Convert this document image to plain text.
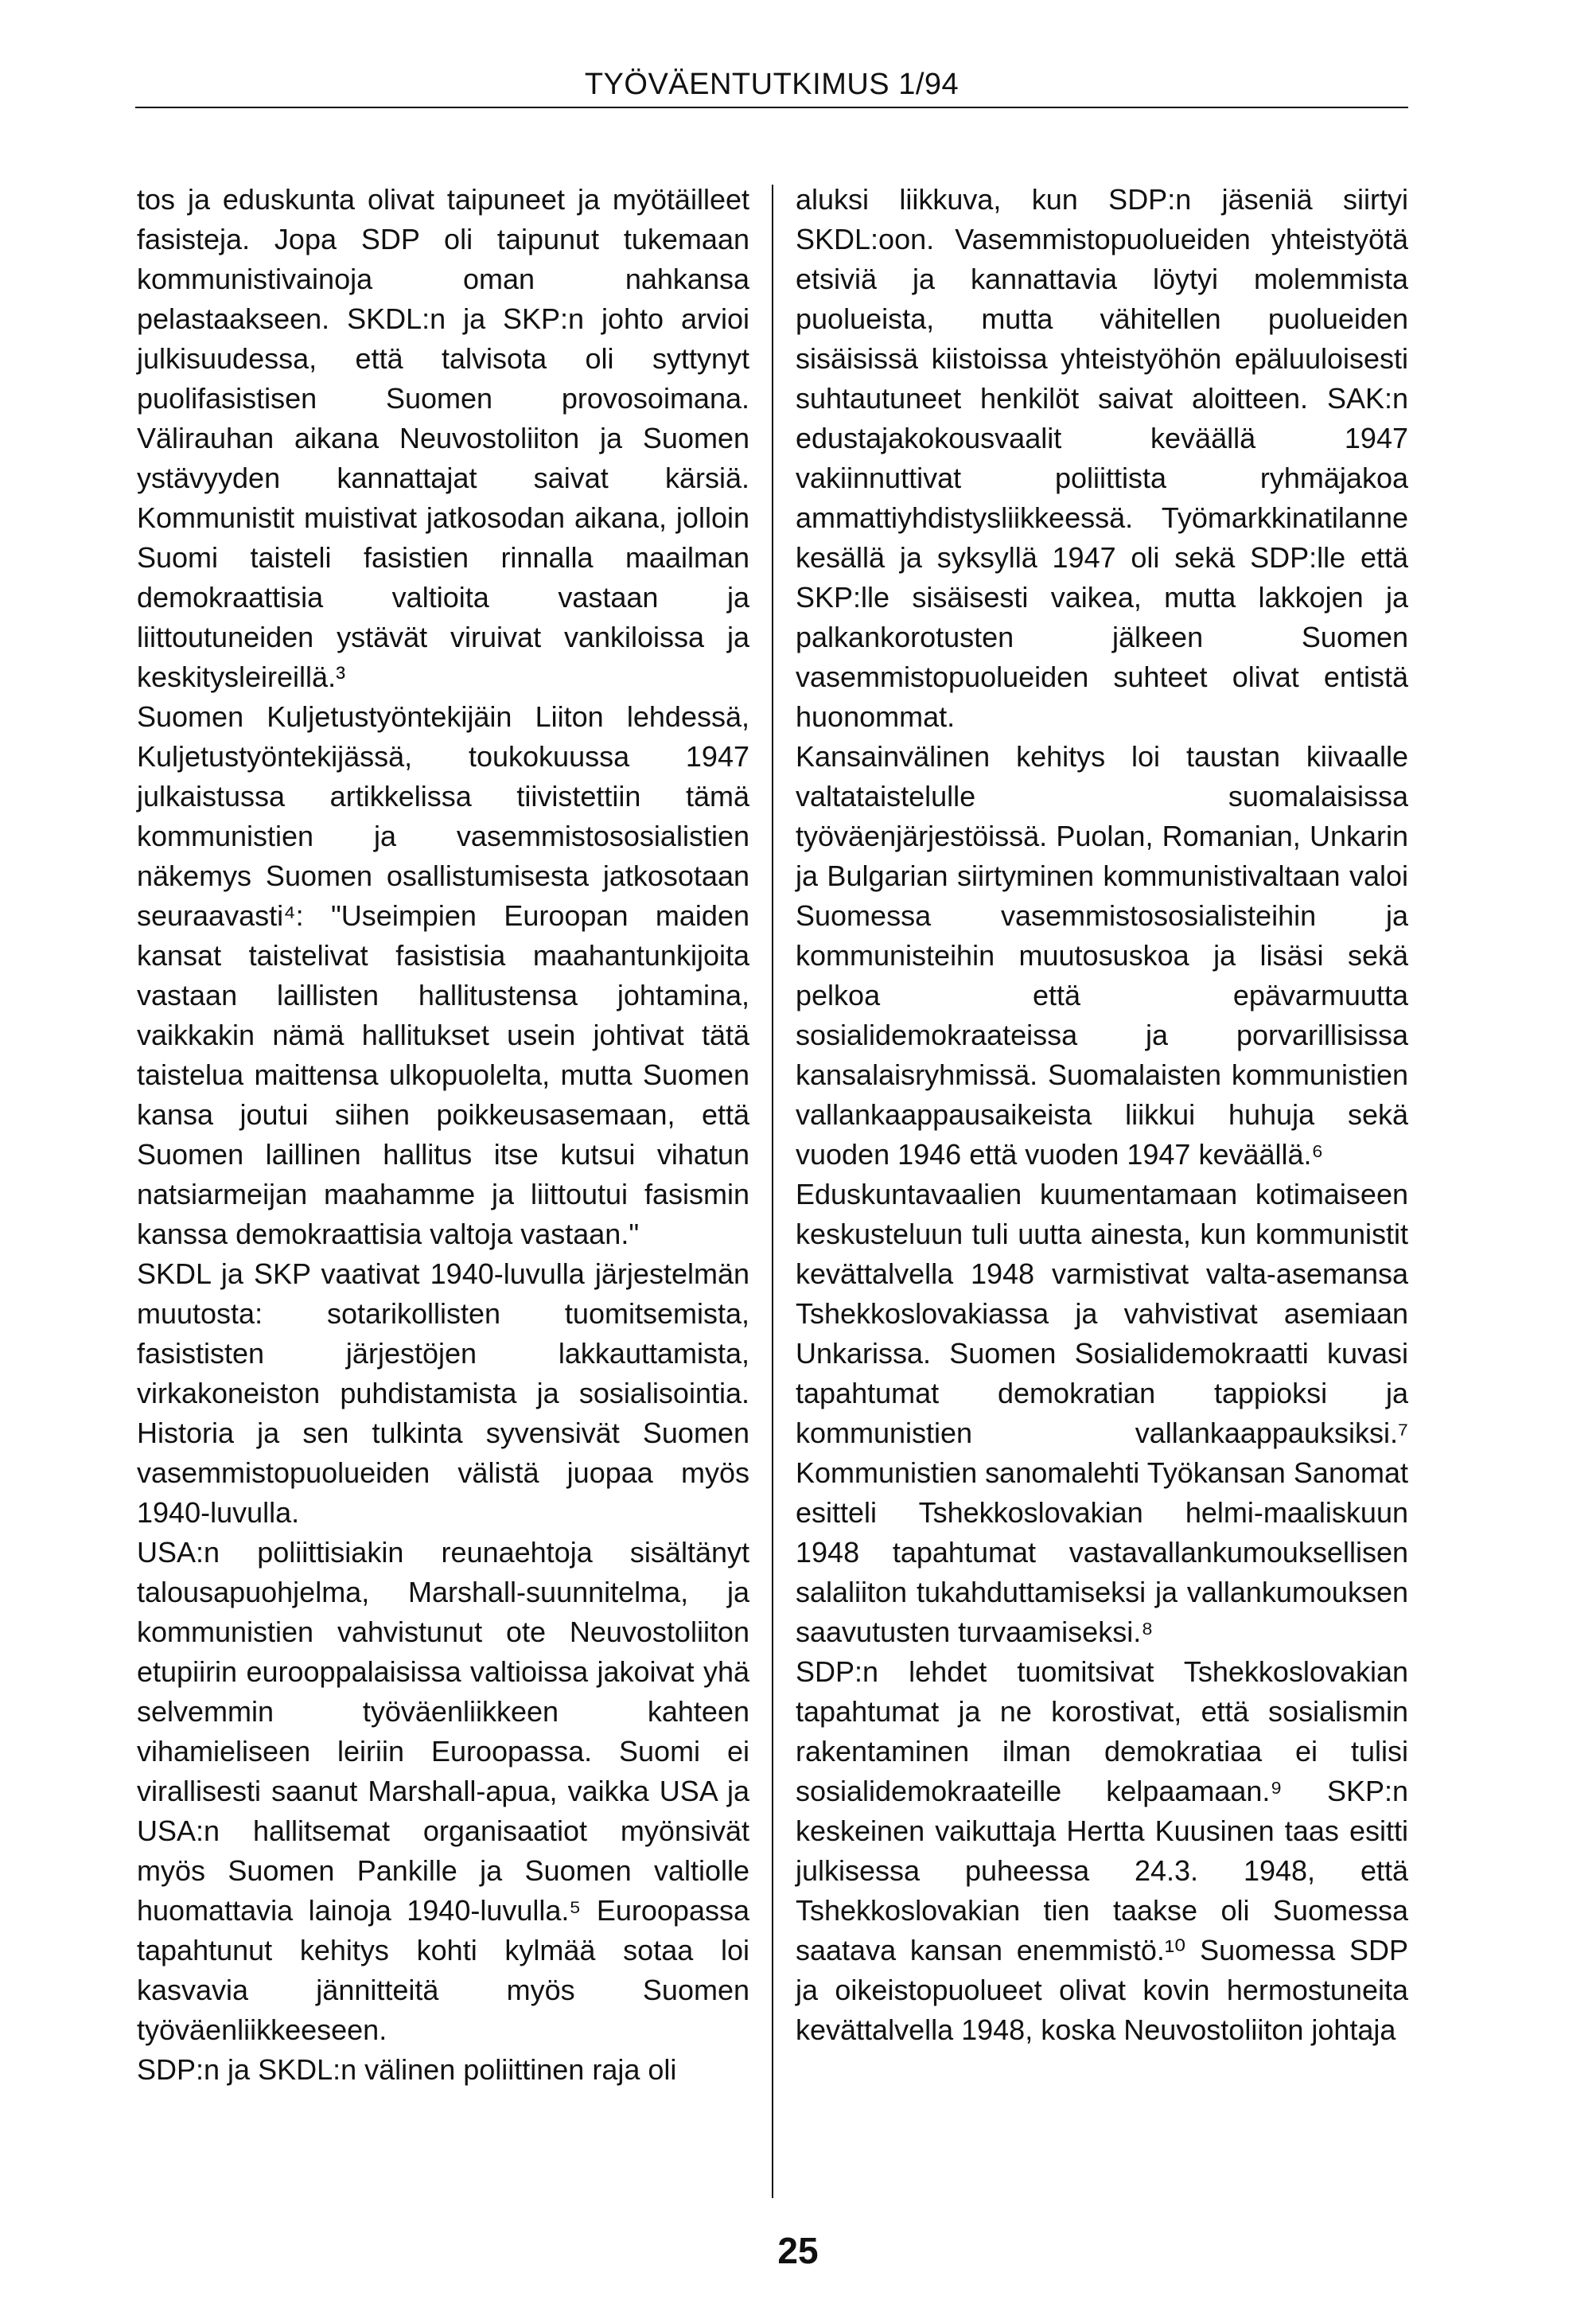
TYÖVÄENTUTKIMUS 1/94

tos ja eduskunta olivat taipuneet ja myötäilleet fasisteja. Jopa SDP oli taipunut tukemaan kommunistivainoja oman nahkansa pelastaakseen. SKDL:n ja SKP:n johto arvioi julkisuudessa, että talvisota oli syttynyt puolifasistisen Suomen provosoimana. Välirauhan aikana Neuvostoliiton ja Suomen ystävyyden kannattajat saivat kärsiä. Kommunistit muistivat jatkosodan aikana, jolloin Suomi taisteli fasistien rinnalla maailman demokraattisia valtioita vastaan ja liittoutuneiden ystävät viruivat vankiloissa ja keskitysleireillä.³

Suomen Kuljetustyöntekijäin Liiton lehdessä, Kuljetustyöntekijässä, toukokuussa 1947 julkaistussa artikkelissa tiivistettiin tämä kommunistien ja vasemmistososialistien näkemys Suomen osallistumisesta jatkosotaan seuraavasti⁴: "Useimpien Euroopan maiden kansat taistelivat fasistisia maahantunkijoita vastaan laillisten hallitustensa johtamina, vaikkakin nämä hallitukset usein johtivat tätä taistelua maittensa ulkopuolelta, mutta Suomen kansa joutui siihen poikkeusasemaan, että Suomen laillinen hallitus itse kutsui vihatun natsiarmeijan maahamme ja liittoutui fasismin kanssa demokraattisia valtoja vastaan."

SKDL ja SKP vaativat 1940-luvulla järjestelmän muutosta: sotarikollisten tuomitsemista, fasististen järjestöjen lakkauttamista, virkakoneiston puhdistamista ja sosialisointia. Historia ja sen tulkinta syvensivät Suomen vasemmistopuolueiden välistä juopaa myös 1940-luvulla.

USA:n poliittisiakin reunaehtoja sisältänyt talousapuohjelma, Marshall-suunnitelma, ja kommunistien vahvistunut ote Neuvostoliiton etupiirin eurooppalaisissa valtioissa jakoivat yhä selvemmin työväenliikkeen kahteen vihamieliseen leiriin Euroopassa. Suomi ei virallisesti saanut Marshall-apua, vaikka USA ja USA:n hallitsemat organisaatiot myönsivät myös Suomen Pankille ja Suomen valtiolle huomattavia lainoja 1940-luvulla.⁵ Euroopassa tapahtunut kehitys kohti kylmää sotaa loi kasvavia jännitteitä myös Suomen työväenliikkeeseen.

SDP:n ja SKDL:n välinen poliittinen raja oli

aluksi liikkuva, kun SDP:n jäseniä siirtyi SKDL:oon. Vasemmistopuolueiden yhteistyötä etsiviä ja kannattavia löytyi molemmista puolueista, mutta vähitellen puolueiden sisäisissä kiistoissa yhteistyöhön epäluuloisesti suhtautuneet henkilöt saivat aloitteen. SAK:n edustajakokousvaalit keväällä 1947 vakiinnuttivat poliittista ryhmäjakoa ammattiyhdistysliikkeessä. Työmarkkinatilanne kesällä ja syksyllä 1947 oli sekä SDP:lle että SKP:lle sisäisesti vaikea, mutta lakkojen ja palkankorotusten jälkeen Suomen vasemmistopuolueiden suhteet olivat entistä huonommat.

Kansainvälinen kehitys loi taustan kiivaalle valtataistelulle suomalaisissa työväenjärjestöissä. Puolan, Romanian, Unkarin ja Bulgarian siirtyminen kommunistivaltaan valoi Suomessa vasemmistososialisteihin ja kommunisteihin muutosuskoa ja lisäsi sekä pelkoa että epävarmuutta sosialidemokraateissa ja porvarillisissa kansalaisryhmissä. Suomalaisten kommunistien vallankaappausaikeista liikkui huhuja sekä vuoden 1946 että vuoden 1947 keväällä.⁶

Eduskuntavaalien kuumentamaan kotimaiseen keskusteluun tuli uutta ainesta, kun kommunistit kevättalvella 1948 varmistivat valta-asemansa Tshekkoslovakiassa ja vahvistivat asemiaan Unkarissa. Suomen Sosialidemokraatti kuvasi tapahtumat demokratian tappioksi ja kommunistien vallankaappauksiksi.⁷ Kommunistien sanomalehti Työkansan Sanomat esitteli Tshekkoslovakian helmi-maaliskuun 1948 tapahtumat vastavallankumouksellisen salaliiton tukahduttamiseksi ja vallankumouksen saavutusten turvaamiseksi.⁸

SDP:n lehdet tuomitsivat Tshekkoslovakian tapahtumat ja ne korostivat, että sosialismin rakentaminen ilman demokratiaa ei tulisi sosialidemokraateille kelpaamaan.⁹ SKP:n keskeinen vaikuttaja Hertta Kuusinen taas esitti julkisessa puheessa 24.3. 1948, että Tshekkoslovakian tien taakse oli Suomessa saatava kansan enemmistö.¹⁰ Suomessa SDP ja oikeistopuolueet olivat kovin hermostuneita kevättalvella 1948, koska Neuvostoliiton johtaja

25
